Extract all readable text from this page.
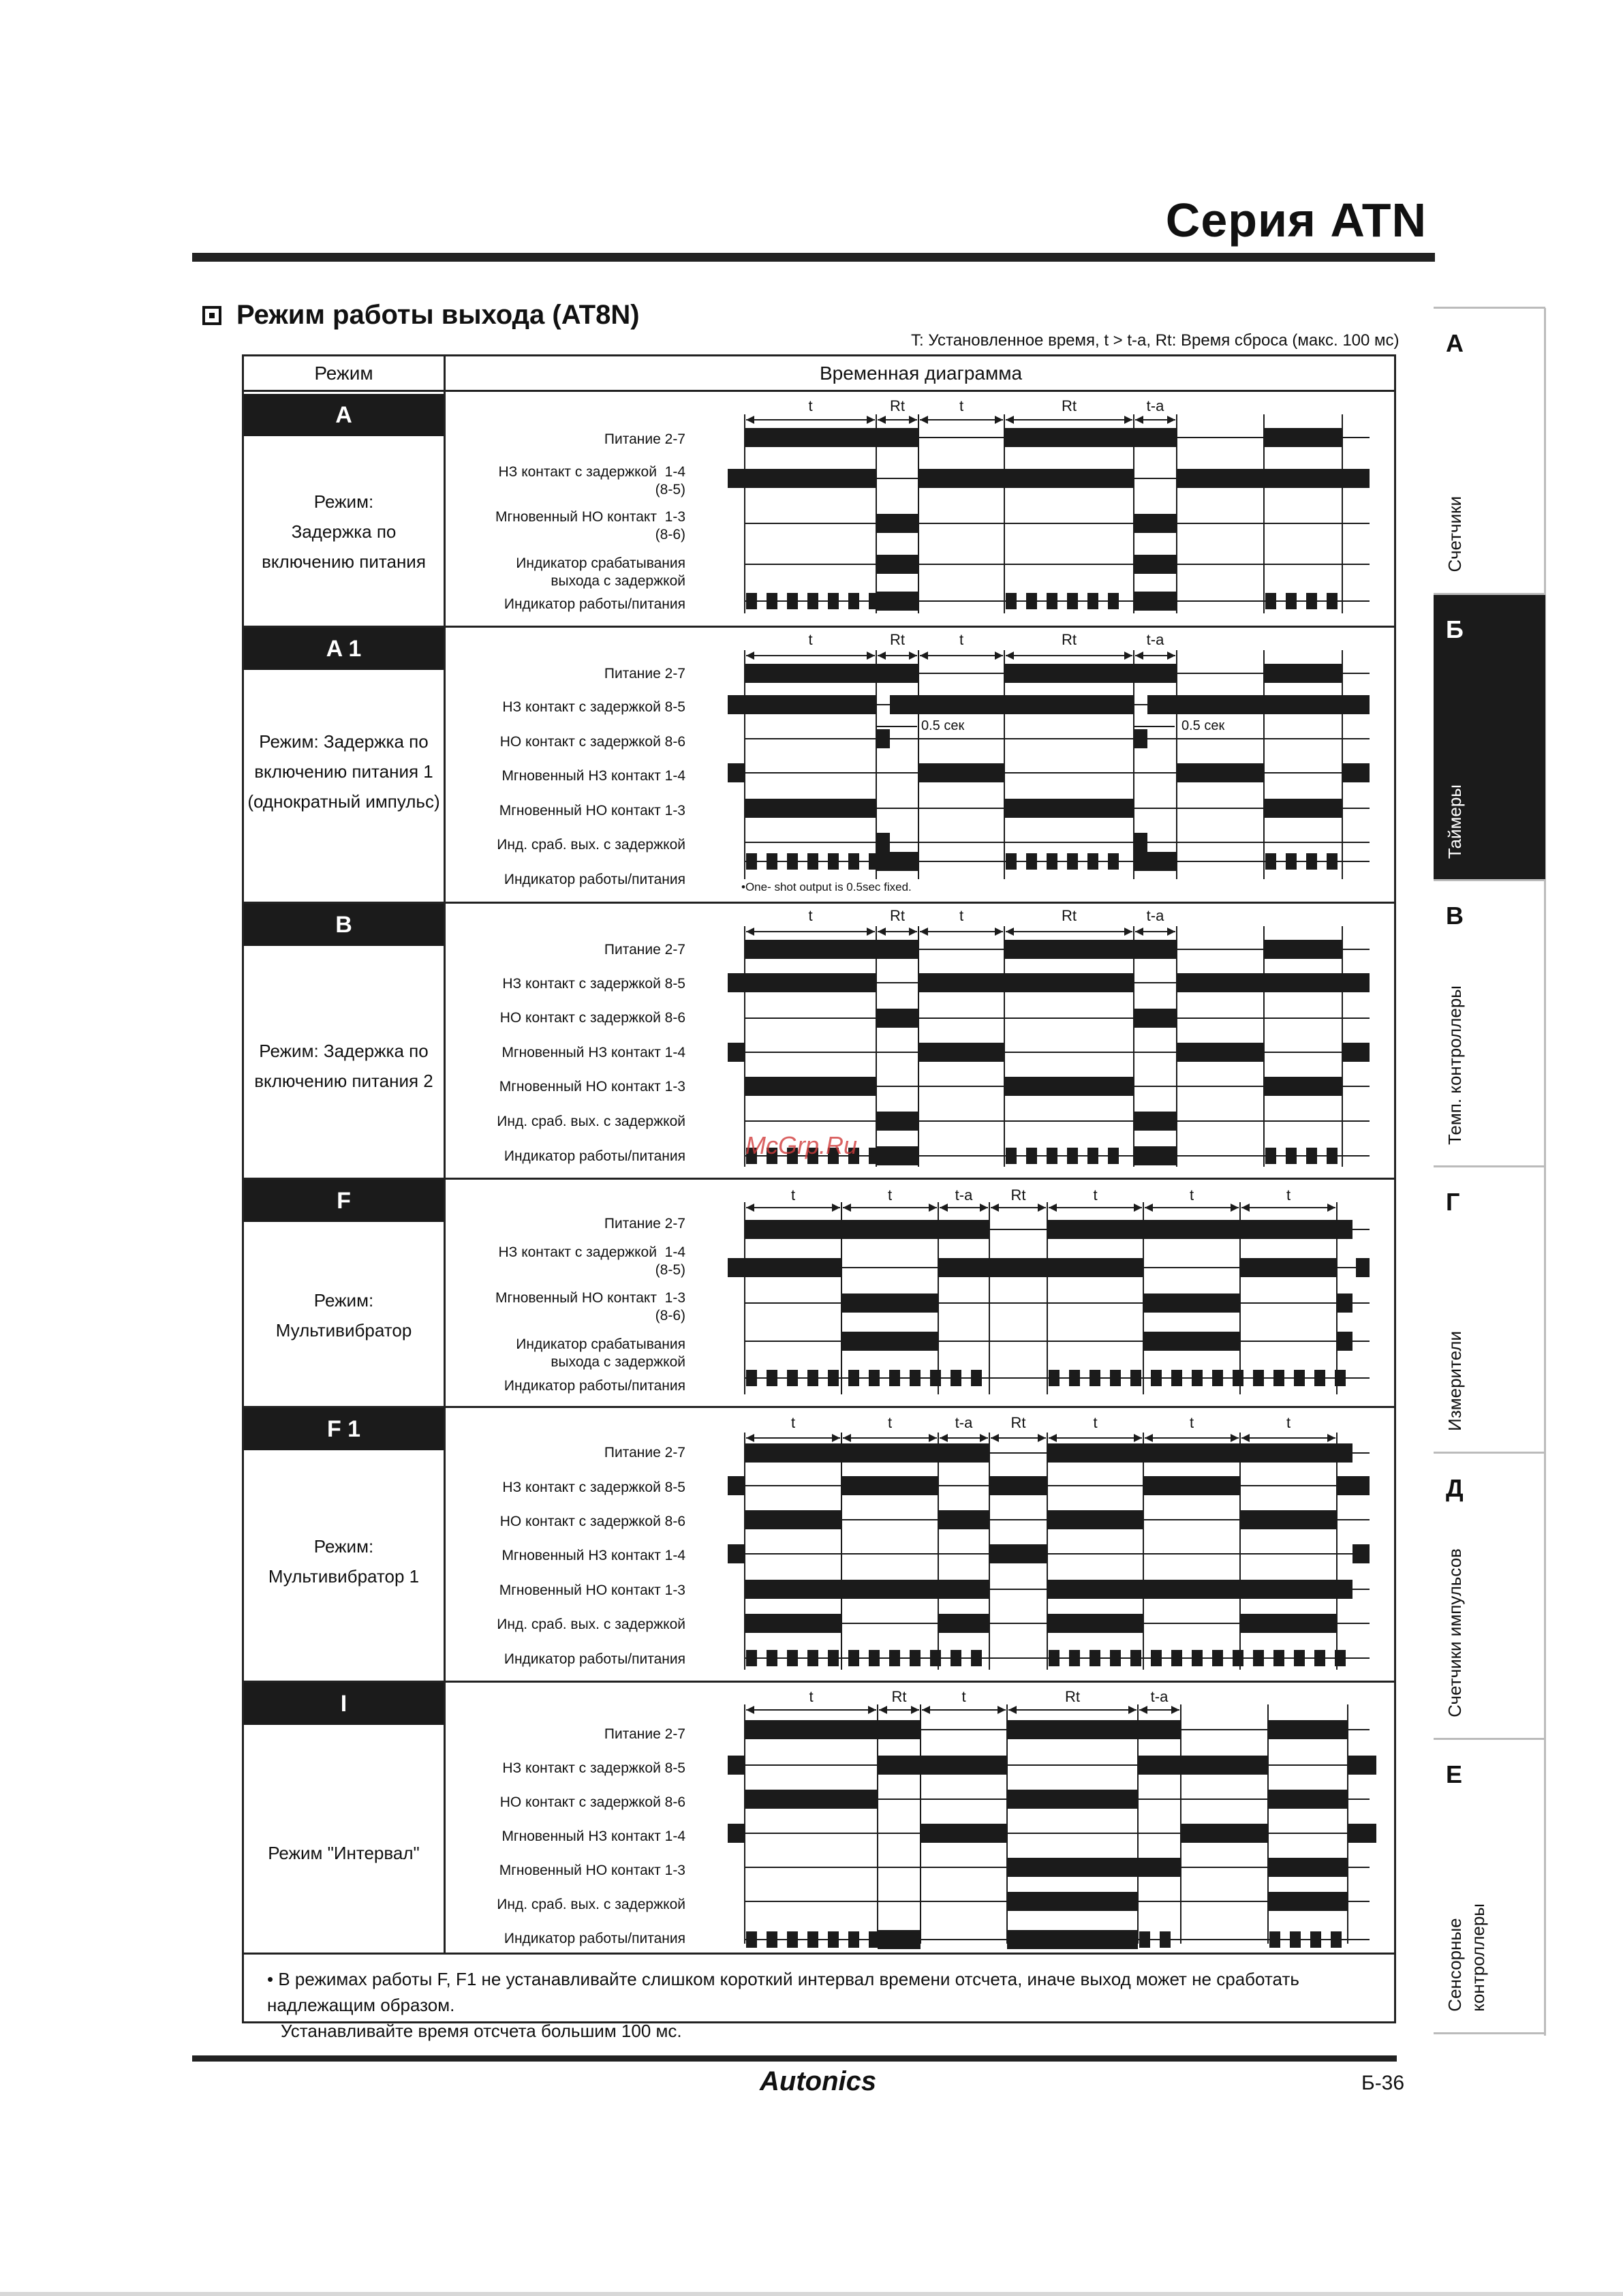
Серия ATN
Режим работы выхода (AT8N)
T: Установленное время, t > t-a, Rt: Время сброса (макс. 100 мс)
Режим	Временная диаграмма
A
Режим:
Задержка по
включению питания
Питание 2-7
НЗ контакт с задержкой  1-4
(8-5)
Мгновенный НО контакт  1-3
(8-6)
Индикатор срабатывания
выхода с задержкой
Индикатор работы/питания
A 1
Режим: Задержка по
включению питания 1
(однократный импульс)
Питание 2-7
НЗ контакт с задержкой 8-5
НО контакт с задержкой 8-6
Мгновенный НЗ контакт 1-4
Мгновенный НО контакт 1-3
Инд. сраб. вых. с задержкой
Индикатор работы/питания
0.5 сек	0.5 сек
•One- shot output is 0.5sec fixed.
B
Режим: Задержка по
включению питания 2
Питание 2-7
НЗ контакт с задержкой 8-5
НО контакт с задержкой 8-6
Мгновенный НЗ контакт 1-4
Мгновенный НО контакт 1-3
Инд. сраб. вых. с задержкой
Индикатор работы/питания
F
Режим:
Мультивибратор
Питание 2-7
НЗ контакт с задержкой  1-4
(8-5)
Мгновенный НО контакт  1-3
(8-6)
Индикатор срабатывания
выхода с задержкой
Индикатор работы/питания
F 1
Режим:
Мультивибратор 1
Питание 2-7
НЗ контакт с задержкой 8-5
НО контакт с задержкой 8-6
Мгновенный НЗ контакт 1-4
Мгновенный НО контакт 1-3
Инд. сраб. вых. с задержкой
Индикатор работы/питания
I
Режим "Интервал"
Питание 2-7
НЗ контакт с задержкой 8-5
НО контакт с задержкой 8-6
Мгновенный НЗ контакт 1-4
Мгновенный НО контакт 1-3
Инд. сраб. вых. с задержкой
Индикатор работы/питания
t	Rt	t	Rt	t-a
t	Rt	t	Rt	t-a
t	Rt	t	Rt	t-a
t	t	t-a	Rt	t	t	t
t	t	t-a	Rt	t	t	t
t	Rt	t	Rt	t-a
McGrp.Ru
• В режимах работы F, F1 не устанавливайте слишком короткий интервал времени отсчета, иначе выход может не сработать надлежащим образом.
Устанавливайте время отсчета большим 100 мс.
Autonics	Б-36
А
Счетчики
Б
Таймеры
В
Темп. контроллеры
Г
Измерители
Д
Счетчики импульсов
Е
Сенсорные
контроллеры
